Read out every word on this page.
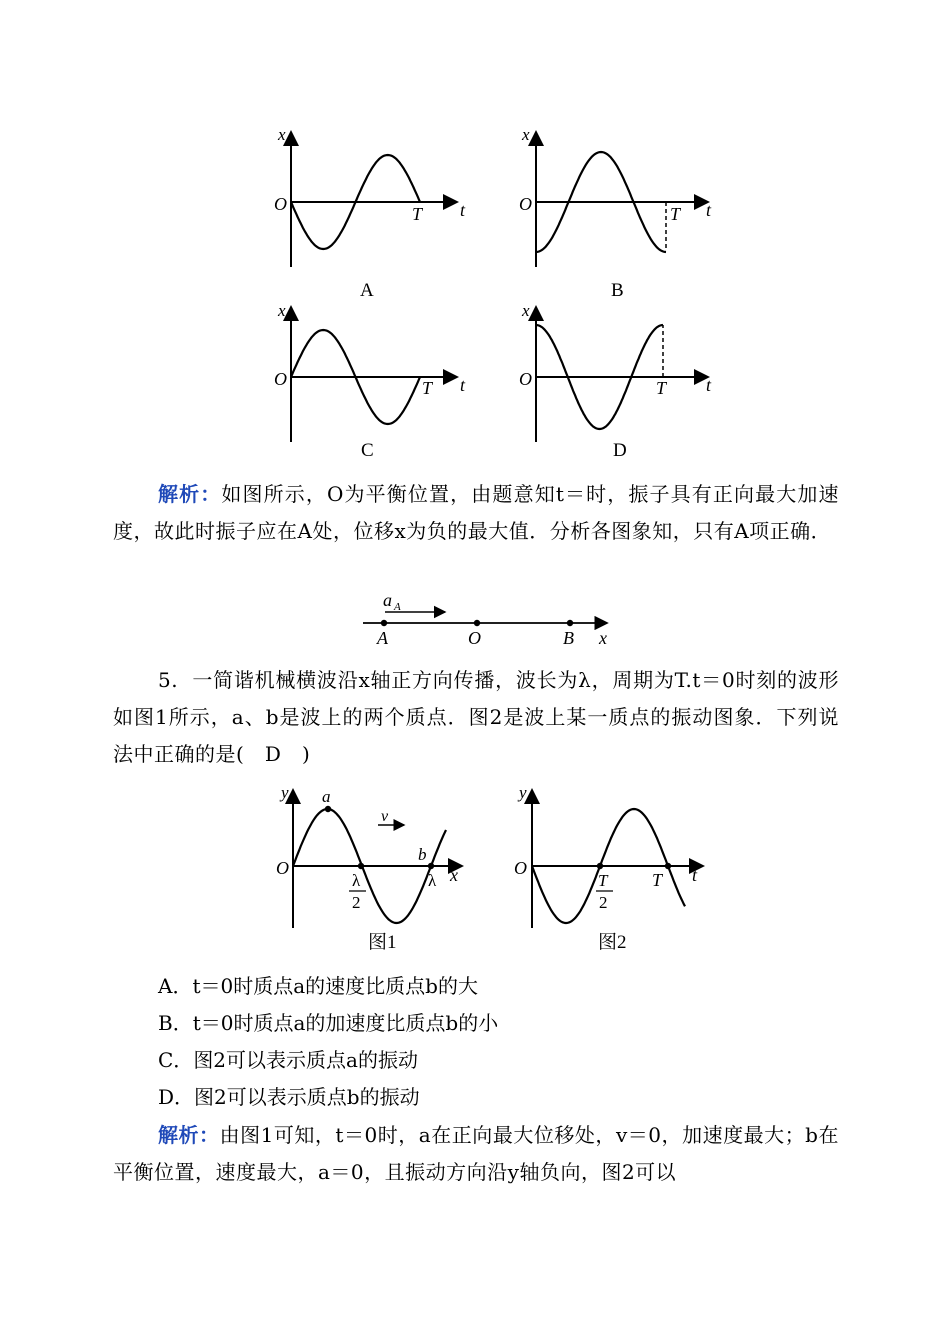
x
O	T t
A
x
O	T t
B
x
O	T t
C
x
O	T t
D
解析：如图所示，O为平衡位置，由题意知t＝时，振子具有正向最大加速度，故此时振子应在A处，位移x为负的最大值．分析各图象知，只有A项正确．
a A
A	O	B x
5. 一简谐机械横波沿x轴正方向传播，波长为λ，周期为T.t＝0时刻的波形如图1所示，a、b是波上的两个质点．图2是波上某一质点的振动图象．下列说法中正确的是( D )
y
O
a
b
v
λ x
λ
2
图1
y
O
T
2
T t
图2
A．t＝0时质点a的速度比质点b的大
B．t＝0时质点a的加速度比质点b的小
C．图2可以表示质点a的振动
D．图2可以表示质点b的振动
解析：由图1可知，t＝0时，a在正向最大位移处，v＝0，加速度最大；b在平衡位置，速度最大，a＝0，且振动方向沿y轴负向，图2可以
